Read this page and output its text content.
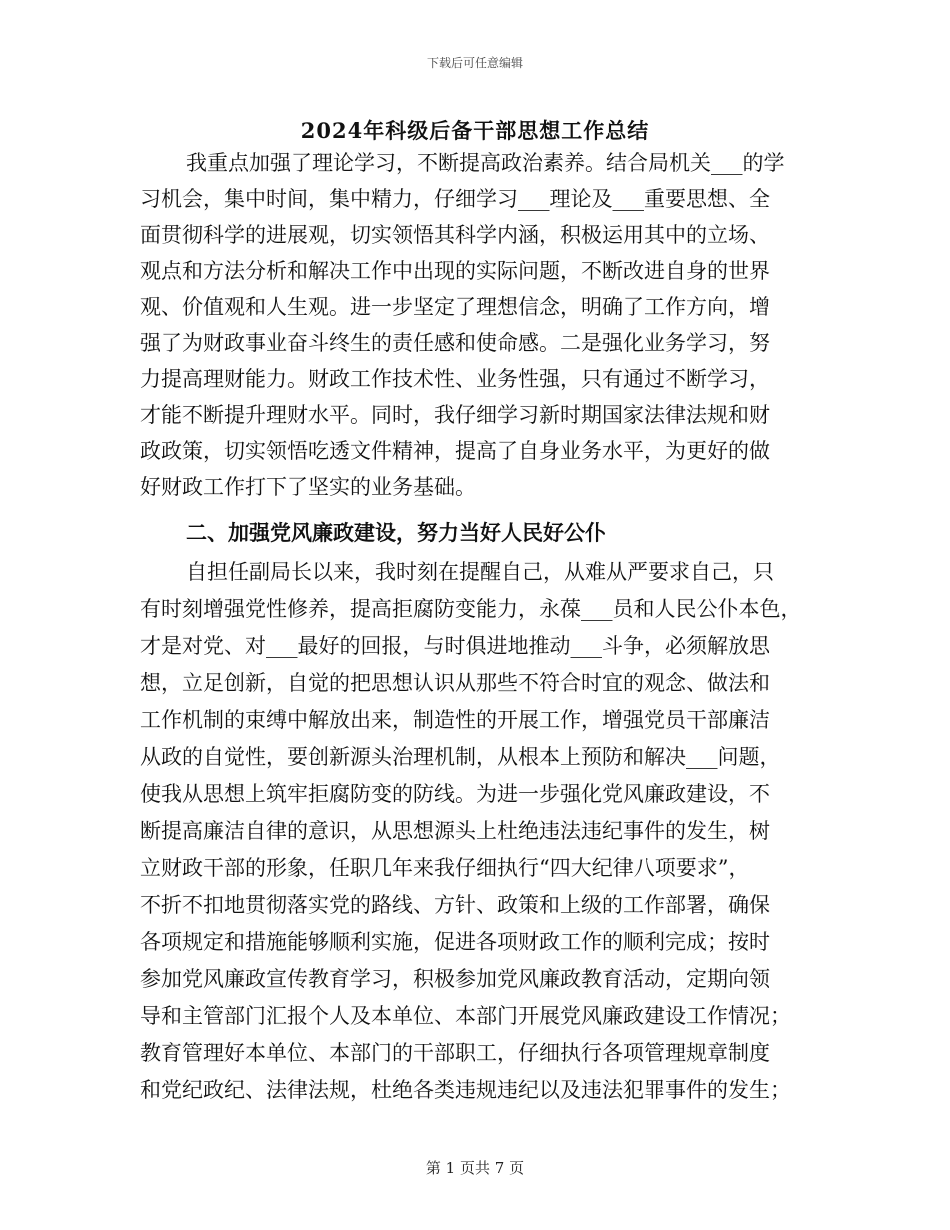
下载后可任意编辑
2024年科级后备干部思想工作总结
我重点加强了理论学习，不断提高政治素养。结合局机关___的学
习机会，集中时间，集中精力，仔细学习___理论及___重要思想、全
面贯彻科学的进展观，切实领悟其科学内涵，积极运用其中的立场、
观点和方法分析和解决工作中出现的实际问题，不断改进自身的世界
观、价值观和人生观。进一步坚定了理想信念，明确了工作方向，增
强了为财政事业奋斗终生的责任感和使命感。二是强化业务学习，努
力提高理财能力。财政工作技术性、业务性强，只有通过不断学习，
才能不断提升理财水平。同时，我仔细学习新时期国家法律法规和财
政政策，切实领悟吃透文件精神，提高了自身业务水平，为更好的做
好财政工作打下了坚实的业务基础。
二、加强党风廉政建设，努力当好人民好公仆
自担任副局长以来，我时刻在提醒自己，从难从严要求自己，只
有时刻增强党性修养，提高拒腐防变能力，永葆___员和人民公仆本色，
才是对党、对___最好的回报，与时俱进地推动___斗争，必须解放思
想，立足创新，自觉的把思想认识从那些不符合时宜的观念、做法和
工作机制的束缚中解放出来，制造性的开展工作，增强党员干部廉洁
从政的自觉性，要创新源头治理机制，从根本上预防和解决___问题，
使我从思想上筑牢拒腐防变的防线。为进一步强化党风廉政建设，不
断提高廉洁自律的意识，从思想源头上杜绝违法违纪事件的发生，树
立财政干部的形象，任职几年来我仔细执行“四大纪律八项要求”，
不折不扣地贯彻落实党的路线、方针、政策和上级的工作部署，确保
各项规定和措施能够顺利实施，促进各项财政工作的顺利完成；按时
参加党风廉政宣传教育学习，积极参加党风廉政教育活动，定期向领
导和主管部门汇报个人及本单位、本部门开展党风廉政建设工作情况；
教育管理好本单位、本部门的干部职工，仔细执行各项管理规章制度
和党纪政纪、法律法规，杜绝各类违规违纪以及违法犯罪事件的发生；
第 1 页共 7 页
